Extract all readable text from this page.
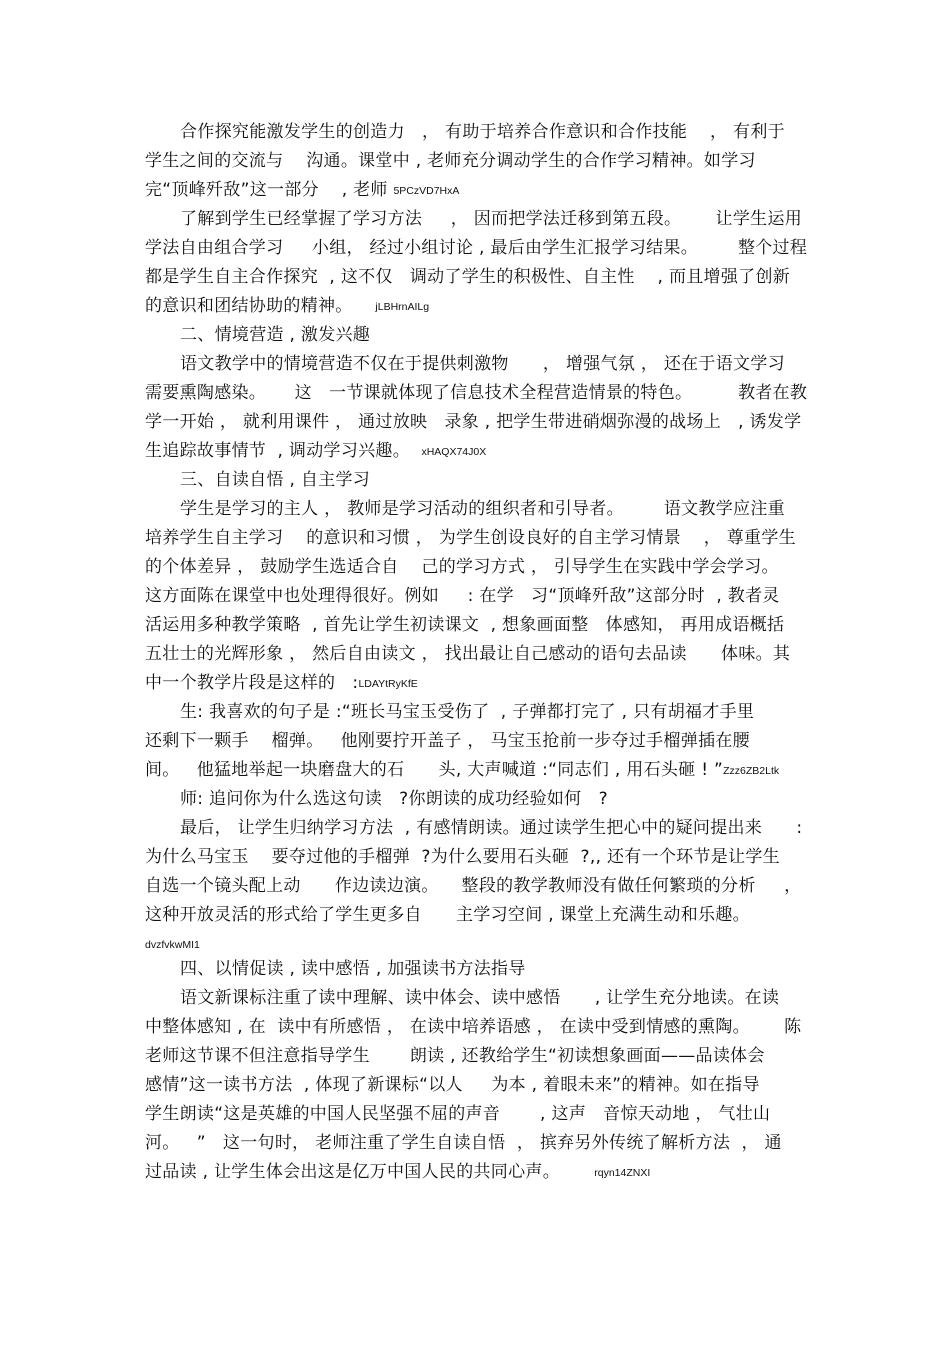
合作探究能激发学生的创造力   ， 有助于培养合作意识和合作技能    ， 有利于
学生之间的交流与    沟通。课堂中 , 老师充分调动学生的合作学习精神。如学习
完“顶峰歼敌”这一部分    , 老师 5PCzVD7HxA
了解到学生已经掌握了学习方法     ， 因而把学法迁移到第五段。      让学生运用
学法自由组合学习     小组， 经过小组讨论 , 最后由学生汇报学习结果。       整个过程
都是学生自主合作探究  , 这不仅   调动了学生的积极性、自主性    , 而且增强了创新
的意识和团结协助的精神。    jLBHrnAILg
二、情境营造 , 激发兴趣
语文教学中的情境营造不仅在于提供刺激物      ， 增强气氛 ， 还在于语文学习
需要熏陶感染。     这   一节课就体现了信息技术全程营造情景的特色。        教者在教
学一开始 ， 就利用课件 ， 通过放映   录象 , 把学生带进硝烟弥漫的战场上   , 诱发学
生追踪故事情节  , 调动学习兴趣。  xHAQX74J0X
三、自读自悟 , 自主学习
学生是学习的主人 ， 教师是学习活动的组织者和引导者。       语文教学应注重
培养学生自主学习    的意识和习惯 ， 为学生创设良好的自主学习情景    ， 尊重学生
的个体差异 ， 鼓励学生选适合自    己的学习方式 ， 引导学生在实践中学会学习。
这方面陈在课堂中也处理得很好。例如     : 在学   习“顶峰歼敌”这部分时  , 教者灵
活运用多种教学策略  , 首先让学生初读课文  , 想象画面整   体感知， 再用成语概括
五壮士的光辉形象 ， 然后自由读文 ， 找出最让自己感动的语句去品读      体味。其
中一个教学片段是这样的   :LDAYtRyKfE
生: 我喜欢的句子是 :“班长马宝玉受伤了  , 子弹都打完了 , 只有胡福才手里
还剩下一颗手    榴弹。   他刚要拧开盖子 ， 马宝玉抢前一步夺过手榴弹插在腰
间。   他猛地举起一块磨盘大的石      头, 大声喊道 :“同志们 , 用石头砸 ! ”Zzz6ZB2Ltk
师: 追问你为什么选这句读   ?你朗读的成功经验如何   ?
最后， 让学生归纳学习方法  , 有感情朗读。通过读学生把心中的疑问提出来      :
为什么马宝玉    要夺过他的手榴弹  ?为什么要用石头砸  ?,, 还有一个环节是让学生
自选一个镜头配上动      作边读边演。    整段的教学教师没有做任何繁琐的分析     ，
这种开放灵活的形式给了学生更多自      主学习空间 , 课堂上充满生动和乐趣。
dvzfvkwMI1
四、以情促读 , 读中感悟 , 加强读书方法指导
语文新课标注重了读中理解、读中体会、读中感悟      , 让学生充分地读。在读
中整体感知 , 在  读中有所感悟 ， 在读中培养语感 ， 在读中受到情感的熏陶。      陈
老师这节课不但注意指导学生       朗读 , 还教给学生“初读想象画面——品读体会
感情”这一读书方法  , 体现了新课标“以人     为本 , 着眼未来”的精神。如在指导
学生朗读“这是英雄的中国人民坚强不屈的声音       , 这声   音惊天动地 ， 气壮山
河。   ”   这一句时， 老师注重了学生自读自悟  ， 摈弃另外传统了解析方法  ， 通
过品读 , 让学生体会出这是亿万中国人民的共同心声。      rqyn14ZNXI
